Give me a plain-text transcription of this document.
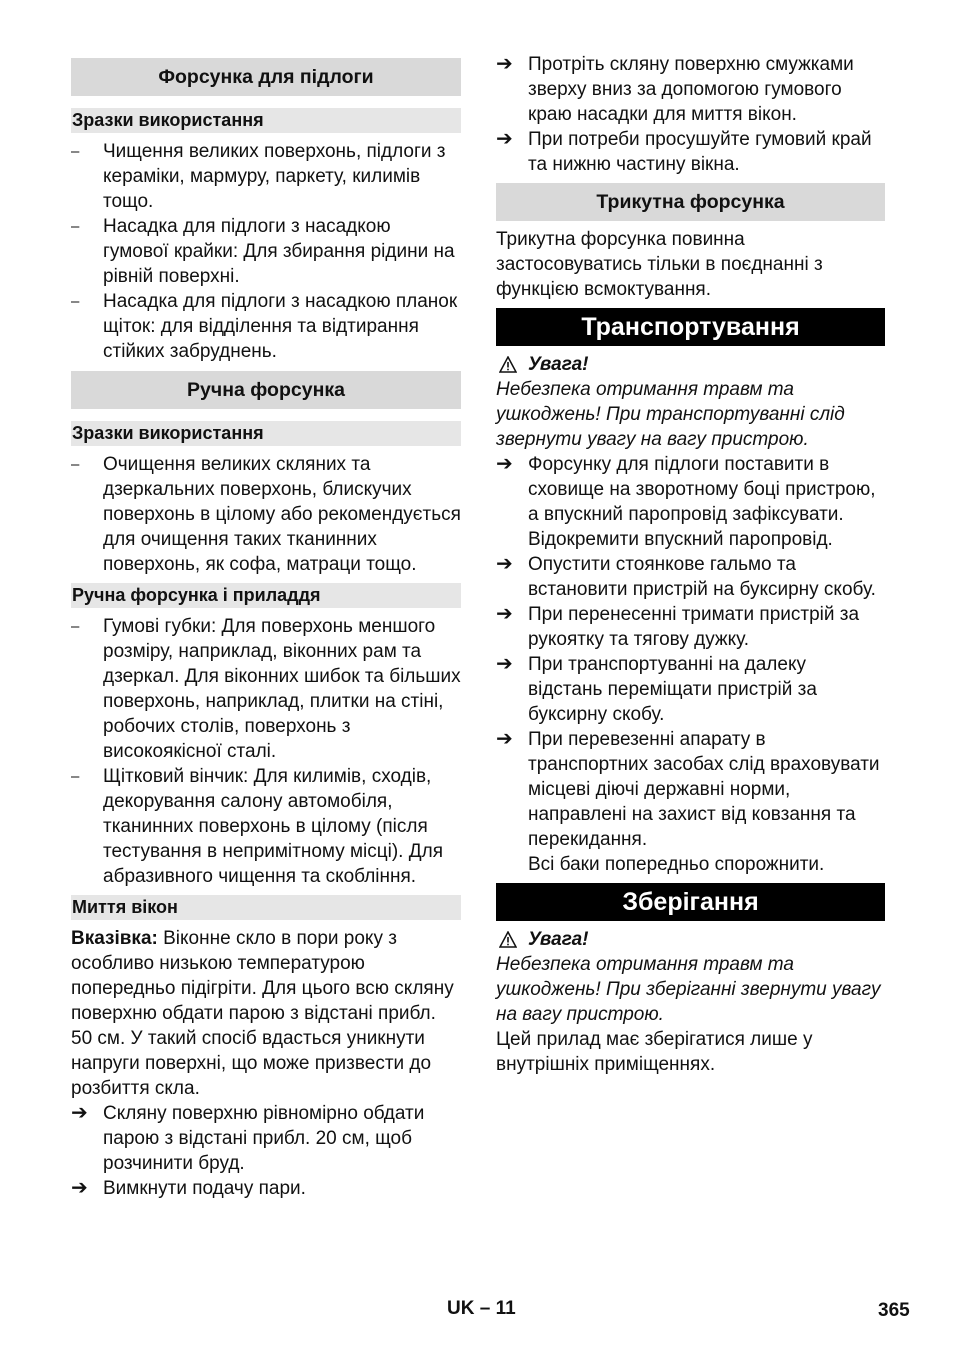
Форсунка для підлоги
Зразки використання
–	Чищення великих поверхонь, підлоги з кераміки, мармуру, паркету, килимів тощо.
–	Насадка для підлоги з насадкою гумової крайки: Для збирання рідини на рівній поверхні.
–	Насадка для підлоги з насадкою планок щіток: для відділення та відтирання стійких забруднень.
Ручна форсунка
Зразки використання
–	Очищення великих скляних та дзеркальних поверхонь, блискучих поверхонь в цілому або рекомендується для очищення таких тканинних поверхонь, як софа, матраци тощо.
Ручна форсунка і приладдя
–	Гумові губки: Для поверхонь меншого розміру, наприклад, віконних рам та дзеркал. Для віконних шибок та більших поверхонь, наприклад, плитки на стіні, робочих столів, поверхонь з високоякісної сталі.
–	Щітковий вінчик: Для килимів, сходів, декорування салону автомобіля, тканинних поверхонь в цілому (після тестування в непримітному місці). Для абразивного чищення та скоблiння.
Миття вікон

Вказівка: Віконне скло в пори року з особливо низькою температурою попередньо підігріти. Для цього всю скляну поверхню обдати парою з відстані прибл. 50 см. У такий спосіб вдасться уникнути напруги поверхні, що може призвести до розбиття скла.

➔ Скляну поверхню рівномірно обдати парою з відстані прибл. 20 см, щоб розчинити бруд.
➔ Вимкнути подачу пари.
➔ Протріть скляну поверхню смужками зверху вниз за допомогою гумового краю насадки для миття вікон.
➔ При потреби просушуйте гумовий край та нижню частину вікна.
Трикутна форсунка

Трикутна форсунка повинна застосовуватись тільки в поєднанні з функцією всмоктування.

Транспортування
Увага!

Небезпека отримання травм та ушкоджень! При транспортуванні слід звернути увагу на вагу пристрою.

➔ Форсунку для підлоги поставити в сховище на зворотному боці пристрою, а впускний паропровід зафіксувати. Відокремити впускний паропровід.
➔ Опустити стоянкове гальмо та встановити пристрій на буксирну скобу.
➔ При перенесенні тримати пристрій за рукоятку та тягову дужку.
➔ При транспортуванні на далеку відстань переміщати пристрій за буксирну скобу.
➔ При перевезенні апарату в транспортних засобах слід враховувати місцеві діючі державні норми, направлені на захист від ковзання та перекидання.
Всі баки попередньо спорожнити.
Зберігання
Увага!

Небезпека отримання травм та ушкоджень! При зберіганні звернути увагу на вагу пристрою.

Цей прилад має зберігатися лише у внутрішніх приміщеннях.

UK – 11	365
